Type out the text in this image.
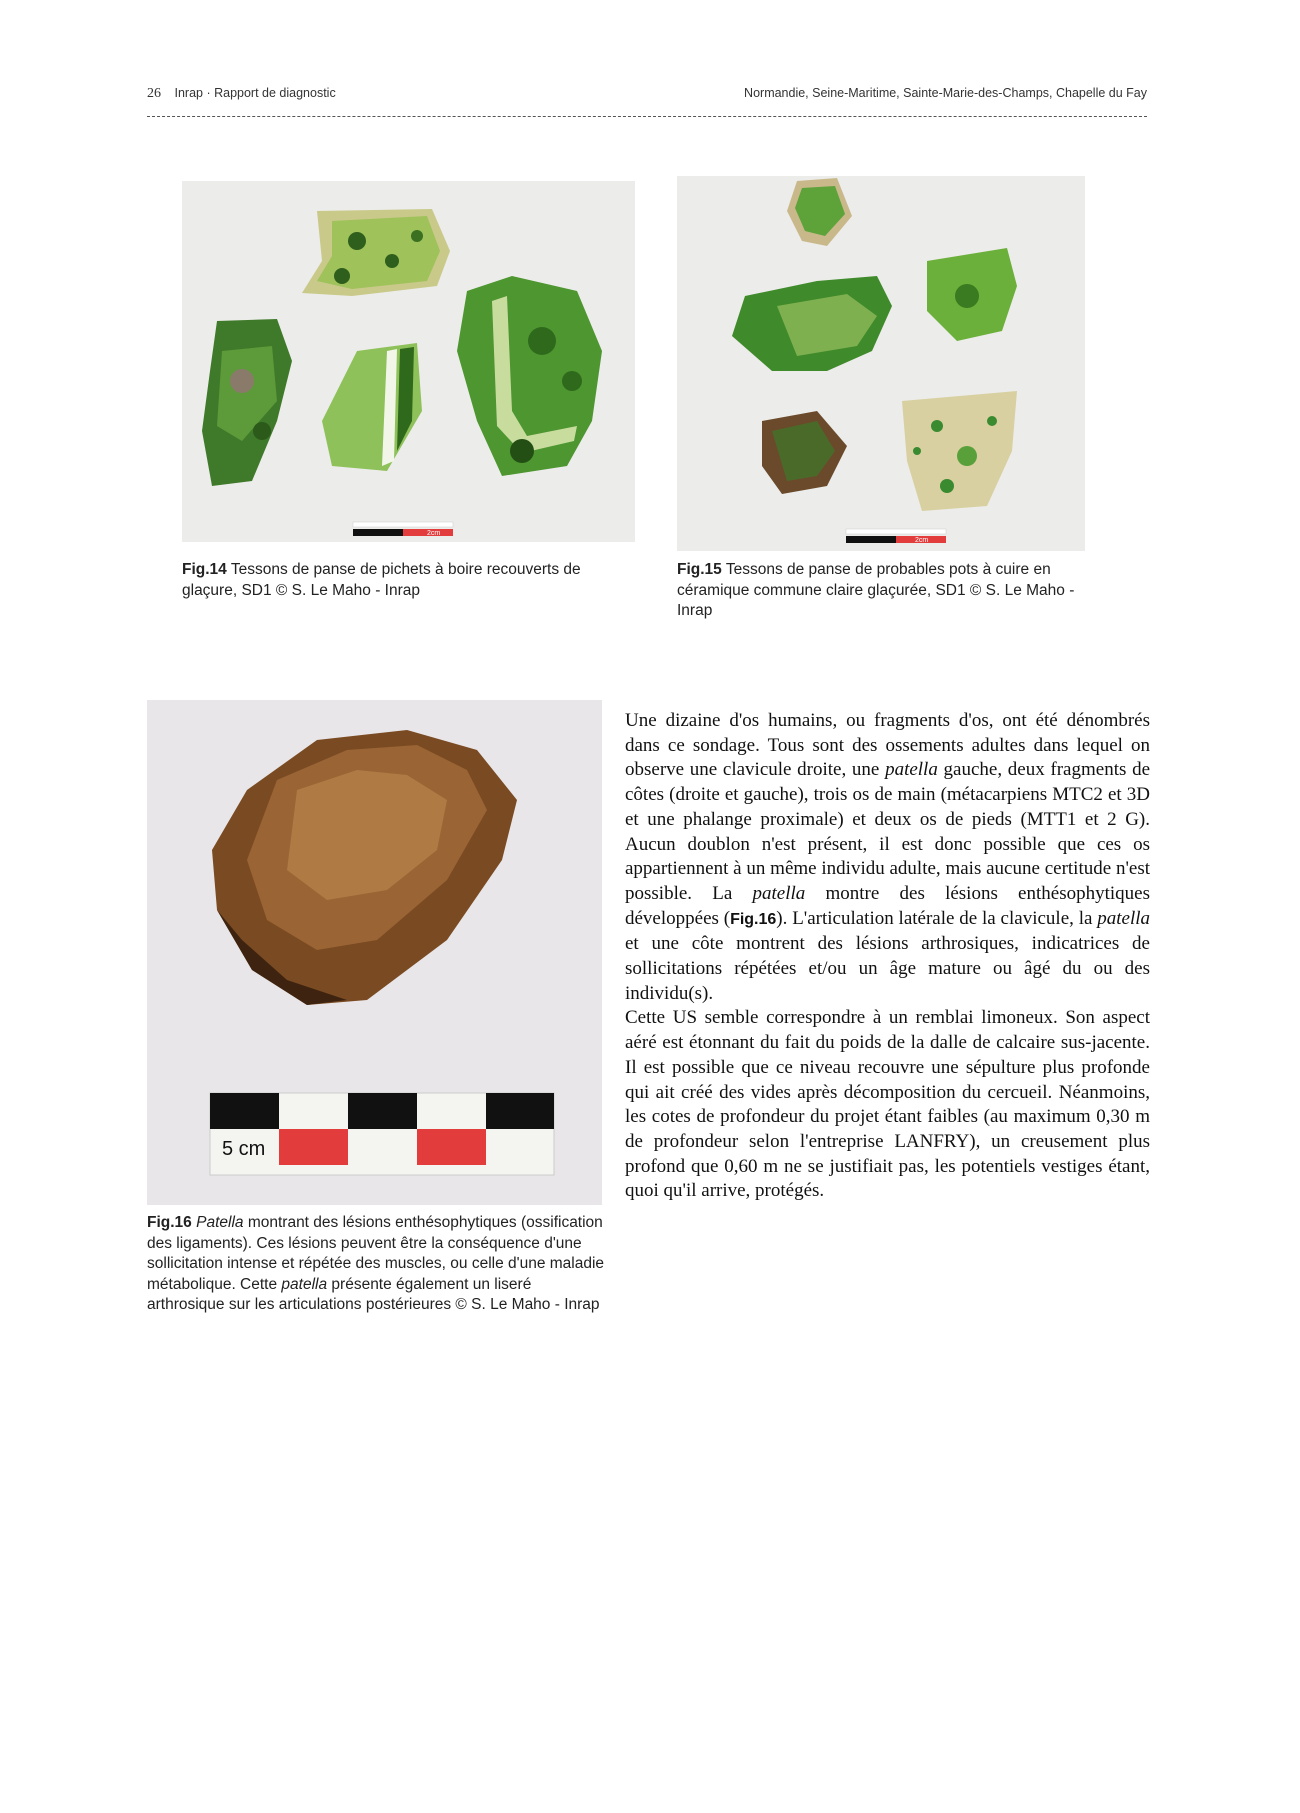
26 Inrap · Rapport de diagnostic	Normandie, Seine-Maritime, Sainte-Marie-des-Champs, Chapelle du Fay
2cm
Fig.14 Tessons de panse de pichets à boire recouverts de glaçure, SD1 © S. Le Maho - Inrap
2cm
Fig.15 Tessons de panse de probables pots à cuire en céramique commune claire glaçurée, SD1 © S. Le Maho - Inrap
5 cm
Fig.16 Patella montrant des lésions enthésophytiques (ossification des ligaments). Ces lésions peuvent être la conséquence d'une sollicitation intense et répétée des muscles, ou celle d'une maladie métabolique. Cette patella présente également un liseré arthrosique sur les articulations postérieures © S. Le Maho - Inrap

Une dizaine d'os humains, ou fragments d'os, ont été dénombrés dans ce sondage. Tous sont des ossements adultes dans lequel on observe une clavicule droite, une patella gauche, deux fragments de côtes (droite et gauche), trois os de main (métacarpiens MTC2 et 3D et une phalange proximale) et deux os de pieds (MTT1 et 2 G). Aucun doublon n'est présent, il est donc possible que ces os appartiennent à un même individu adulte, mais aucune certitude n'est possible. La patella montre des lésions enthésophytiques développées (Fig.16). L'articulation latérale de la clavicule, la patella et une côte montrent des lésions arthrosiques, indicatrices de sollicitations répétées et/ou un âge mature ou âgé du ou des individu(s).

Cette US semble correspondre à un remblai limoneux. Son aspect aéré est étonnant du fait du poids de la dalle de calcaire sus-jacente. Il est possible que ce niveau recouvre une sépulture plus profonde qui ait créé des vides après décomposition du cercueil. Néanmoins, les cotes de profondeur du projet étant faibles (au maximum 0,30 m de profondeur selon l'entreprise LANFRY), un creusement plus profond que 0,60 m ne se justifiait pas, les potentiels vestiges étant, quoi qu'il arrive, protégés.
